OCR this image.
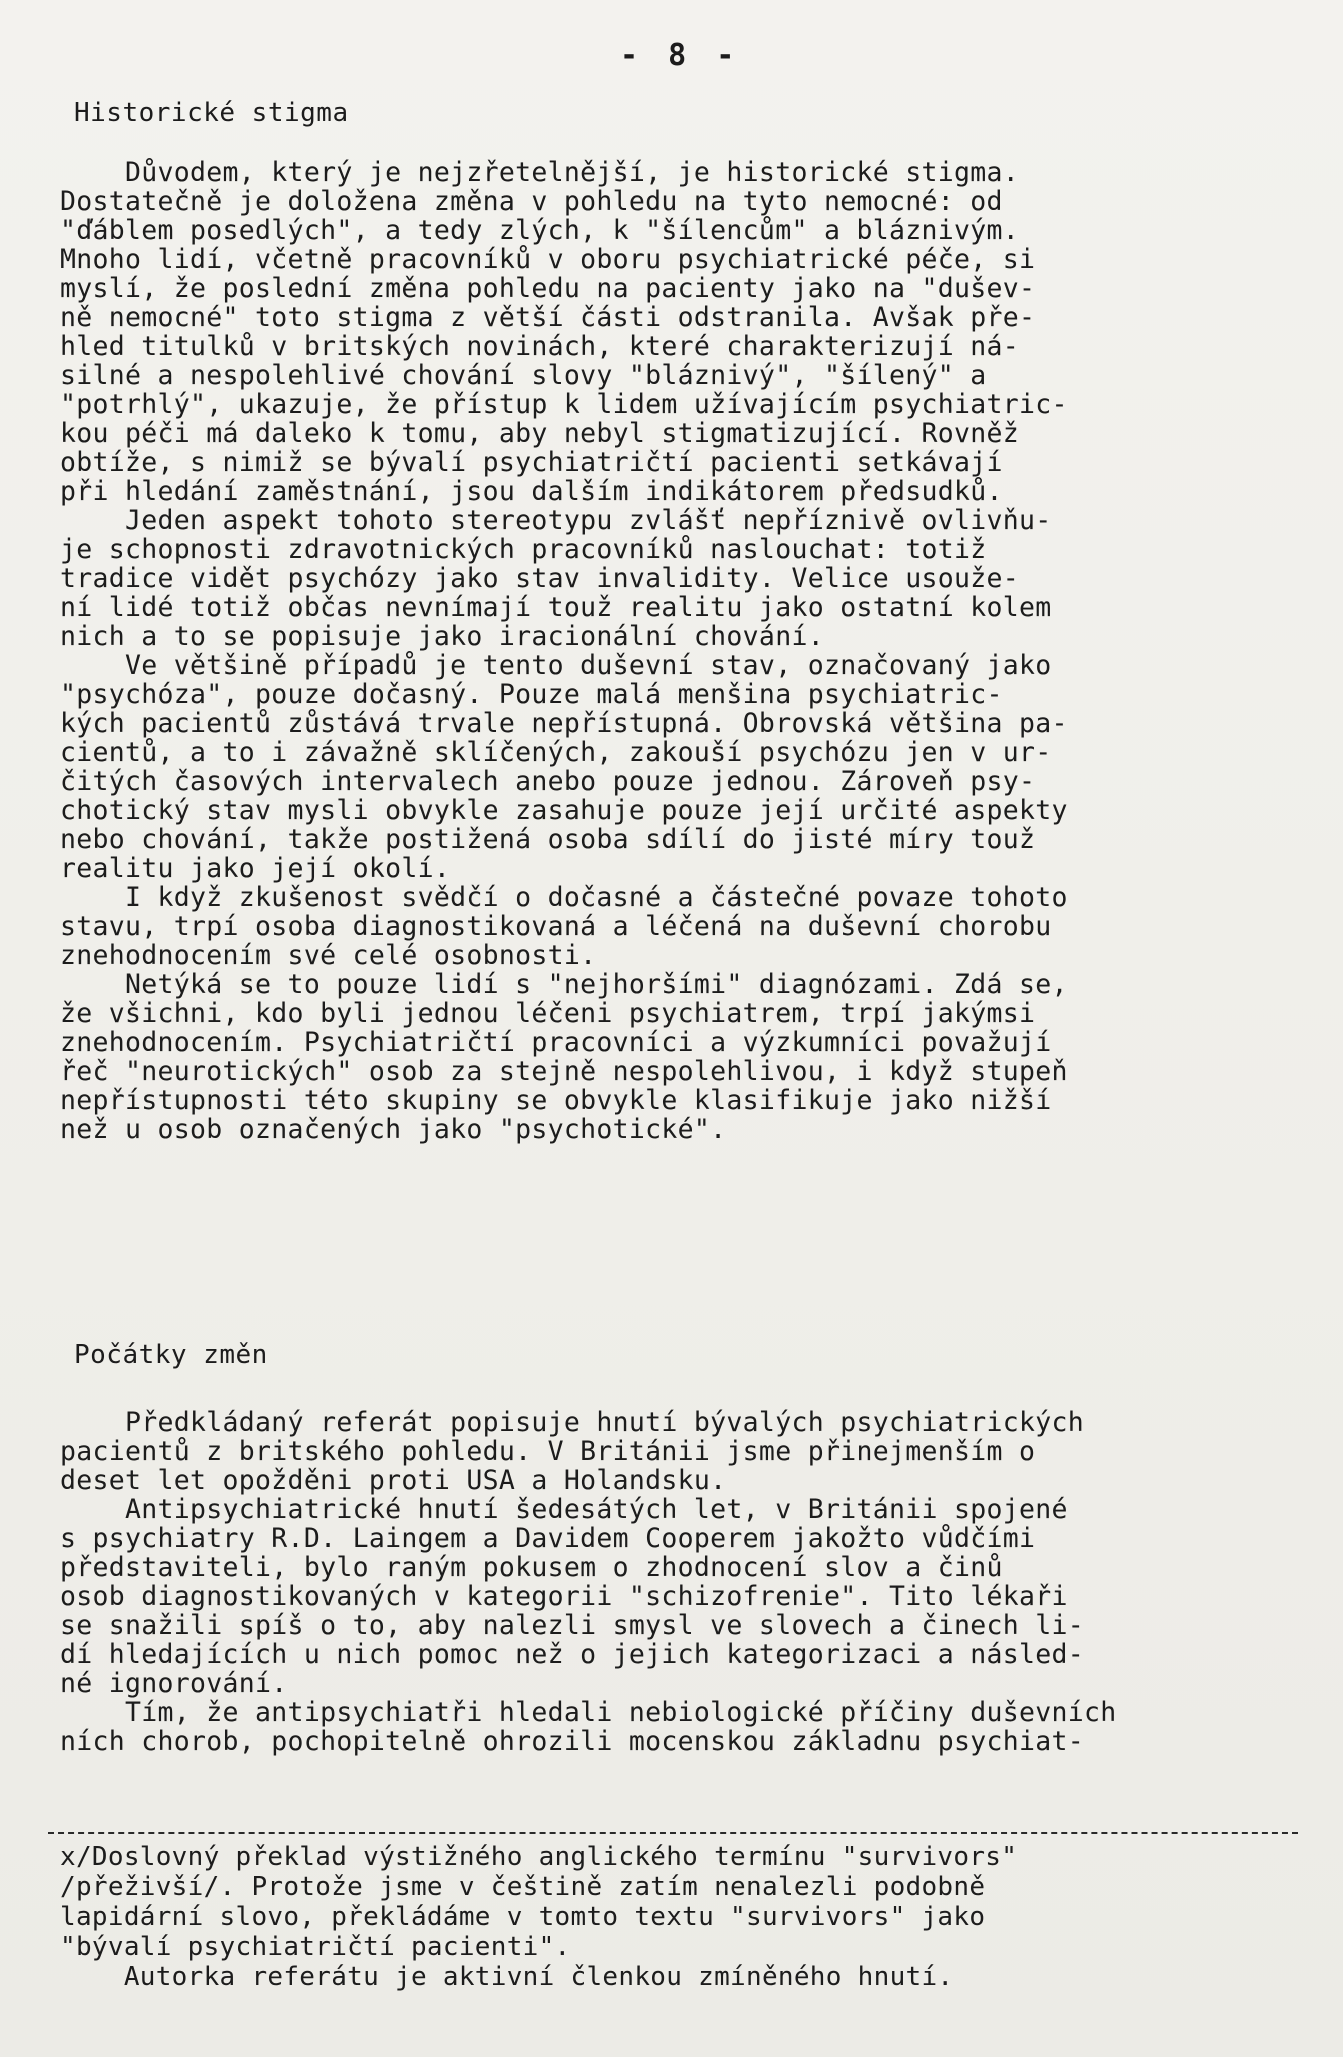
- 8 -
Historické stigma
Důvodem, který je nejzřetelnější, je historické stigma.
Dostatečně je doložena změna v pohledu na tyto nemocné: od
"ďáblem posedlých", a tedy zlých, k "šílencům" a bláznivým.
Mnoho lidí, včetně pracovníků v oboru psychiatrické péče, si
myslí, že poslední změna pohledu na pacienty jako na "dušev-
ně nemocné" toto stigma z větší části odstranila. Avšak pře-
hled titulků v britských novinách, které charakterizují ná-
silné a nespolehlivé chování slovy "bláznivý", "šílený" a
"potrhlý", ukazuje, že přístup k lidem užívajícím psychiatric-
kou péči má daleko k tomu, aby nebyl stigmatizující. Rovněž
obtíže, s nimiž se bývalí psychiatričtí pacienti setkávají
při hledání zaměstnání, jsou dalším indikátorem předsudků.
Jeden aspekt tohoto stereotypu zvlášť nepříznivě ovlivňu-
je schopnosti zdravotnických pracovníků naslouchat: totiž
tradice vidět psychózy jako stav invalidity. Velice usouže-
ní lidé totiž občas nevnímají touž realitu jako ostatní kolem
nich a to se popisuje jako iracionální chování.
Ve většině případů je tento duševní stav, označovaný jako
"psychóza", pouze dočasný. Pouze malá menšina psychiatric-
kých pacientů zůstává trvale nepřístupná. Obrovská většina pa-
cientů, a to i závažně sklíčených, zakouší psychózu jen v ur-
čitých časových intervalech anebo pouze jednou. Zároveň psy-
chotický stav mysli obvykle zasahuje pouze její určité aspekty
nebo chování, takže postižená osoba sdílí do jisté míry touž
realitu jako její okolí.
I když zkušenost svědčí o dočasné a částečné povaze tohoto
stavu, trpí osoba diagnostikovaná a léčená na duševní chorobu
znehodnocením své celé osobnosti.
Netýká se to pouze lidí s "nejhoršími" diagnózami. Zdá se,
že všichni, kdo byli jednou léčeni psychiatrem, trpí jakýmsi
znehodnocením. Psychiatričtí pracovníci a výzkumníci považují
řeč "neurotických" osob za stejně nespolehlivou, i když stupeň
nepřístupnosti této skupiny se obvykle klasifikuje jako nižší
než u osob označených jako "psychotické".
Počátky změn
Předkládaný referát popisuje hnutí bývalých psychiatrických
pacientů z britského pohledu. V Británii jsme přinejmenším o
deset let opožděni proti USA a Holandsku.
Antipsychiatrické hnutí šedesátých let, v Británii spojené
s psychiatry R.D. Laingem a Davidem Cooperem jakožto vůdčími
představiteli, bylo raným pokusem o zhodnocení slov a činů
osob diagnostikovaných v kategorii "schizofrenie". Tito lékaři
se snažili spíš o to, aby nalezli smysl ve slovech a činech li-
dí hledajících u nich pomoc než o jejich kategorizaci a násled-
né ignorování.
Tím, že antipsychiatři hledali nebiologické příčiny duševních
ních chorob, pochopitelně ohrozili mocenskou základnu psychiat-
x/Doslovný překlad výstižného anglického termínu "survivors"
/přeživší/. Protože jsme v češtině zatím nenalezli podobně
lapidární slovo, překládáme v tomto textu "survivors" jako
"bývalí psychiatričtí pacienti".
Autorka referátu je aktivní členkou zmíněného hnutí.
